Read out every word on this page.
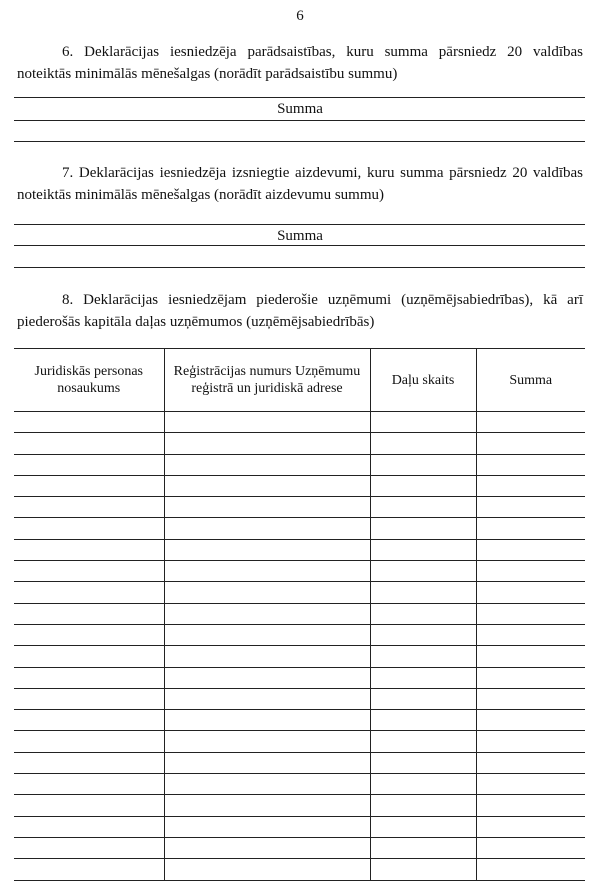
6

6. Deklarācijas iesniedzēja parādsaistības, kuru summa pārsniedz 20 valdības noteiktās minimālās mēnešalgas (norādīt parādsaistību summu)

Summa

7. Deklarācijas iesniedzēja izsniegtie aizdevumi, kuru summa pārsniedz 20 valdības noteiktās minimālās mēnešalgas (norādīt aizdevumu summu)

Summa

8. Deklarācijas iesniedzējam piederošie uzņēmumi (uzņēmējsabiedrības), kā arī piederošās kapitāla daļas uzņēmumos (uzņēmējsabiedrībās)

Juridiskās personas nosaukums	Reģistrācijas numurs Uzņēmumu reģistrā un juridiskā adrese	Daļu skaits	Summa
